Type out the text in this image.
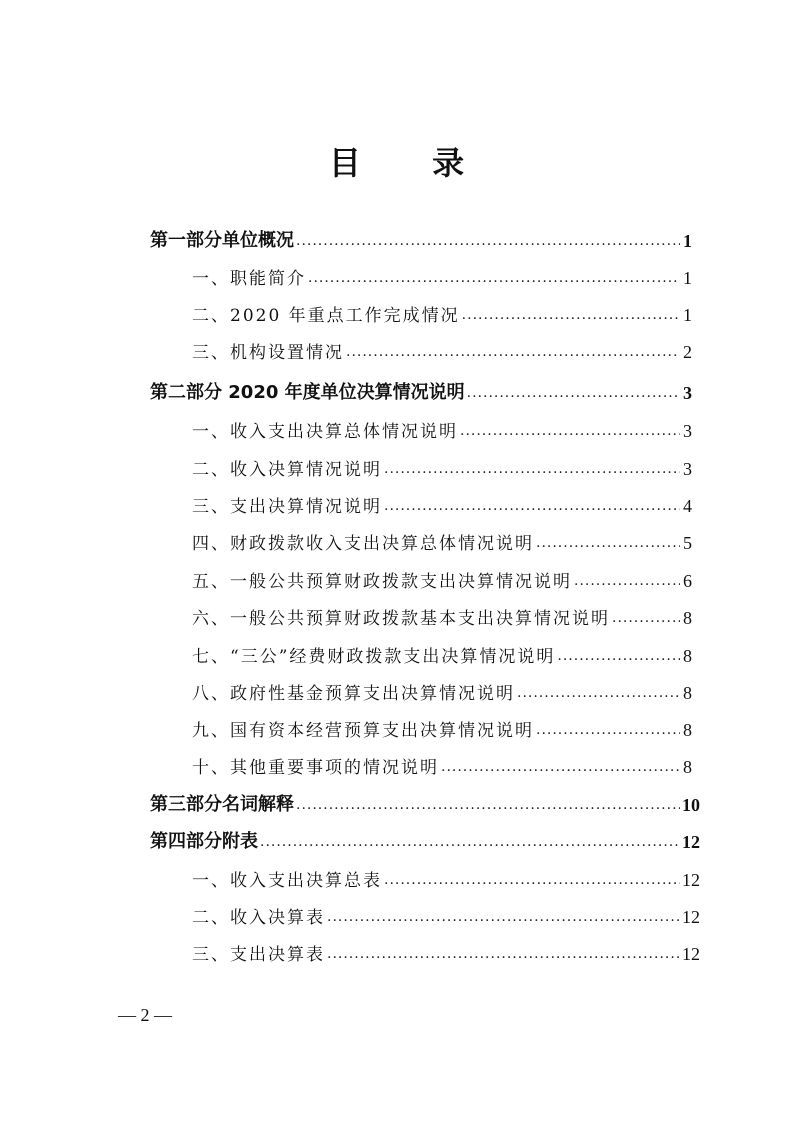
目 录
第一部分单位概况 .....	1
一、职能简介 .....	1
二、2020 年重点工作完成情况 .....	1
三、机构设置情况 .....	2
第二部分 2020 年度单位决算情况说明 .....	3
一、收入支出决算总体情况说明 .....	3
二、收入决算情况说明 .....	3
三、支出决算情况说明 .....	4
四、财政拨款收入支出决算总体情况说明 .....	5
五、一般公共预算财政拨款支出决算情况说明 .....	6
六、一般公共预算财政拨款基本支出决算情况说明 .....	8
七、“三公”经费财政拨款支出决算情况说明 .....	8
八、政府性基金预算支出决算情况说明 .....	8
九、国有资本经营预算支出决算情况说明 .....	8
十、其他重要事项的情况说明 .....	8
第三部分名词解释 .....	10
第四部分附表 .....	12
一、收入支出决算总表 .....	12
二、收入决算表 .....	12
三、支出决算表 .....	12
— 2 —
